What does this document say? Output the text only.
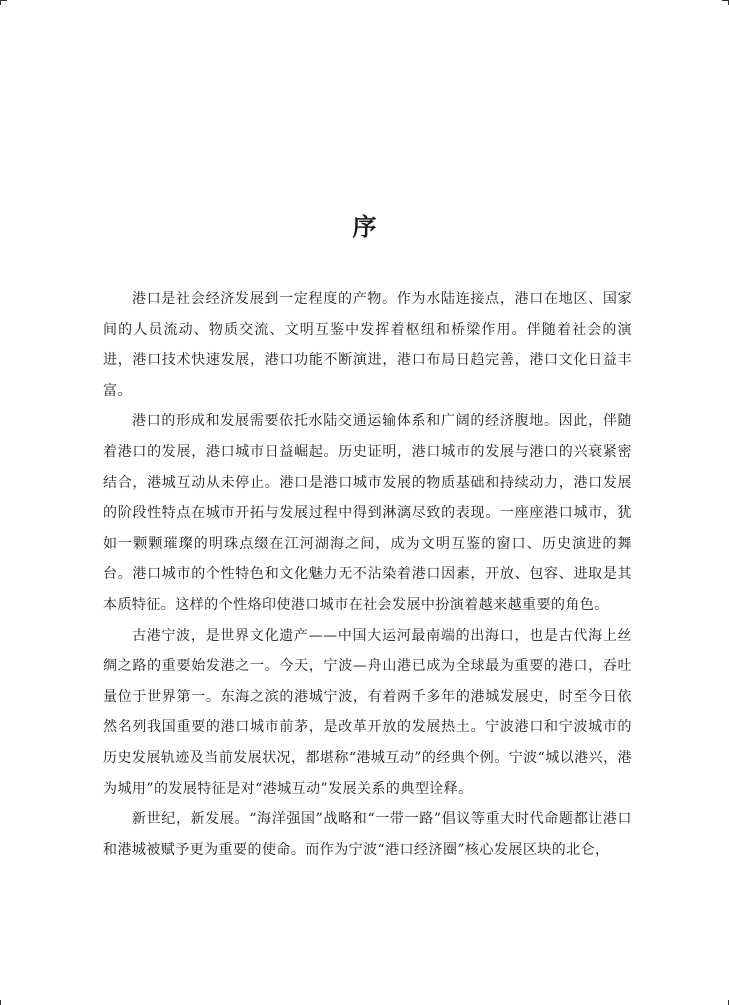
序

港口是社会经济发展到一定程度的产物。作为水陆连接点，港口在地区、国家间的人员流动、物质交流、文明互鉴中发挥着枢纽和桥梁作用。伴随着社会的演进，港口技术快速发展，港口功能不断演进，港口布局日趋完善，港口文化日益丰富。

港口的形成和发展需要依托水陆交通运输体系和广阔的经济腹地。因此，伴随着港口的发展，港口城市日益崛起。历史证明，港口城市的发展与港口的兴衰紧密结合，港城互动从未停止。港口是港口城市发展的物质基础和持续动力，港口发展的阶段性特点在城市开拓与发展过程中得到淋漓尽致的表现。一座座港口城市，犹如一颗颗璀璨的明珠点缀在江河湖海之间，成为文明互鉴的窗口、历史演进的舞台。港口城市的个性特色和文化魅力无不沾染着港口因素，开放、包容、进取是其本质特征。这样的个性烙印使港口城市在社会发展中扮演着越来越重要的角色。

古港宁波，是世界文化遗产——中国大运河最南端的出海口，也是古代海上丝绸之路的重要始发港之一。今天，宁波—舟山港已成为全球最为重要的港口，吞吐量位于世界第一。东海之滨的港城宁波，有着两千多年的港城发展史，时至今日依然名列我国重要的港口城市前茅，是改革开放的发展热土。宁波港口和宁波城市的历史发展轨迹及当前发展状况，都堪称“港城互动”的经典个例。宁波“城以港兴，港为城用”的发展特征是对“港城互动”发展关系的典型诠释。

新世纪，新发展。“海洋强国”战略和“一带一路”倡议等重大时代命题都让港口和港城被赋予更为重要的使命。而作为宁波“港口经济圈”核心发展区块的北仑，
